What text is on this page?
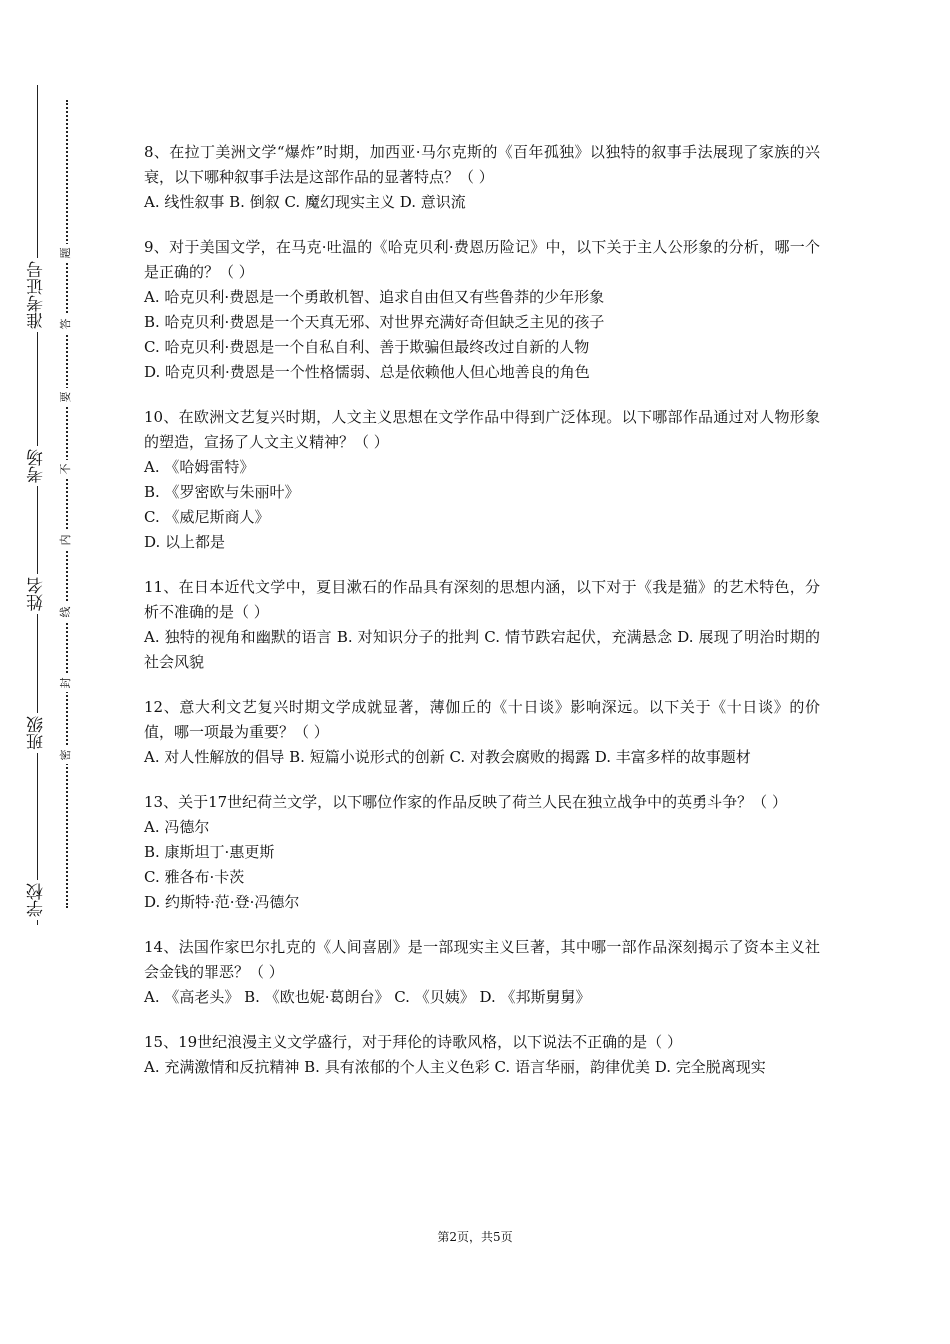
准考证号
考场
姓名
班级
学校
题
答
要
不
内
线
封
密

8、在拉丁美洲文学“爆炸”时期，加西亚·马尔克斯的《百年孤独》以独特的叙事手法展现了家族的兴衰，以下哪种叙事手法是这部作品的显著特点？（ ）

A. 线性叙事 B. 倒叙 C. 魔幻现实主义 D. 意识流

9、对于美国文学，在马克·吐温的《哈克贝利·费恩历险记》中，以下关于主人公形象的分析，哪一个是正确的？（ ）

A. 哈克贝利·费恩是一个勇敢机智、追求自由但又有些鲁莽的少年形象

B. 哈克贝利·费恩是一个天真无邪、对世界充满好奇但缺乏主见的孩子

C. 哈克贝利·费恩是一个自私自利、善于欺骗但最终改过自新的人物

D. 哈克贝利·费恩是一个性格懦弱、总是依赖他人但心地善良的角色

10、在欧洲文艺复兴时期，人文主义思想在文学作品中得到广泛体现。以下哪部作品通过对人物形象的塑造，宣扬了人文主义精神？（ ）

A. 《哈姆雷特》

B. 《罗密欧与朱丽叶》

C. 《威尼斯商人》

D. 以上都是

11、在日本近代文学中，夏目漱石的作品具有深刻的思想内涵，以下对于《我是猫》的艺术特色，分析不准确的是（ ）

A. 独特的视角和幽默的语言 B. 对知识分子的批判 C. 情节跌宕起伏，充满悬念 D. 展现了明治时期的社会风貌

12、意大利文艺复兴时期文学成就显著，薄伽丘的《十日谈》影响深远。以下关于《十日谈》的价值，哪一项最为重要？（ ）

A. 对人性解放的倡导 B. 短篇小说形式的创新 C. 对教会腐败的揭露 D. 丰富多样的故事题材

13、关于17世纪荷兰文学，以下哪位作家的作品反映了荷兰人民在独立战争中的英勇斗争？（ ）

A. 冯德尔

B. 康斯坦丁·惠更斯

C. 雅各布·卡茨

D. 约斯特·范·登·冯德尔

14、法国作家巴尔扎克的《人间喜剧》是一部现实主义巨著，其中哪一部作品深刻揭示了资本主义社会金钱的罪恶？（ ）

A. 《高老头》 B. 《欧也妮·葛朗台》 C. 《贝姨》 D. 《邦斯舅舅》

15、19世纪浪漫主义文学盛行，对于拜伦的诗歌风格，以下说法不正确的是（ ）

A. 充满激情和反抗精神 B. 具有浓郁的个人主义色彩 C. 语言华丽，韵律优美 D. 完全脱离现实

第2页，共5页
